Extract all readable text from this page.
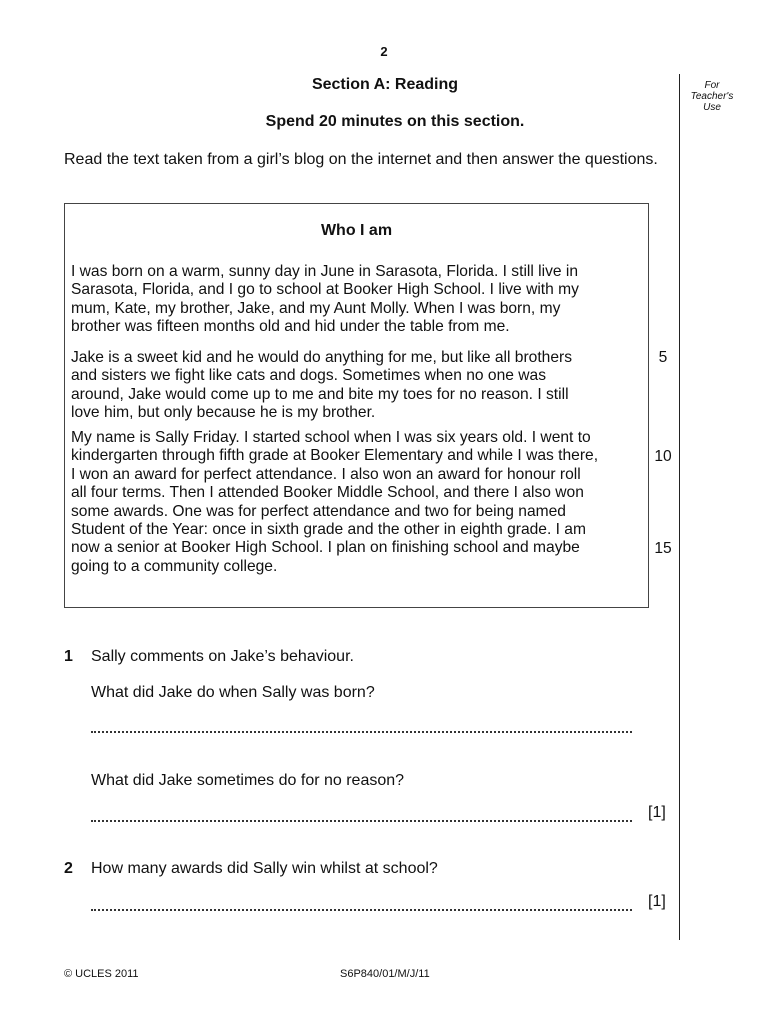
2
Section A: Reading
Spend 20 minutes on this section.
For
Teacher's
Use
Read the text taken from a girl’s blog on the internet and then answer the questions.
Who I am
I was born on a warm, sunny day in June in Sarasota, Florida. I still live in
Sarasota, Florida, and I go to school at Booker High School. I live with my
mum, Kate, my brother, Jake, and my Aunt Molly. When I was born, my
brother was fifteen months old and hid under the table from me.
Jake is a sweet kid and he would do anything for me, but like all brothers
and sisters we fight like cats and dogs. Sometimes when no one was
around, Jake would come up to me and bite my toes for no reason. I still
love him, but only because he is my brother.
My name is Sally Friday. I started school when I was six years old. I went to
kindergarten through fifth grade at Booker Elementary and while I was there,
I won an award for perfect attendance. I also won an award for honour roll
all four terms. Then I attended Booker Middle School, and there I also won
some awards. One was for perfect attendance and two for being named
Student of the Year: once in sixth grade and the other in eighth grade. I am
now a senior at Booker High School. I plan on finishing school and maybe
going to a community college.
5
10
15
1 Sally comments on Jake’s behaviour.
What did Jake do when Sally was born?
What did Jake sometimes do for no reason?
[1]
2 How many awards did Sally win whilst at school?
[1]
© UCLES 2011	S6P840/01/M/J/11
